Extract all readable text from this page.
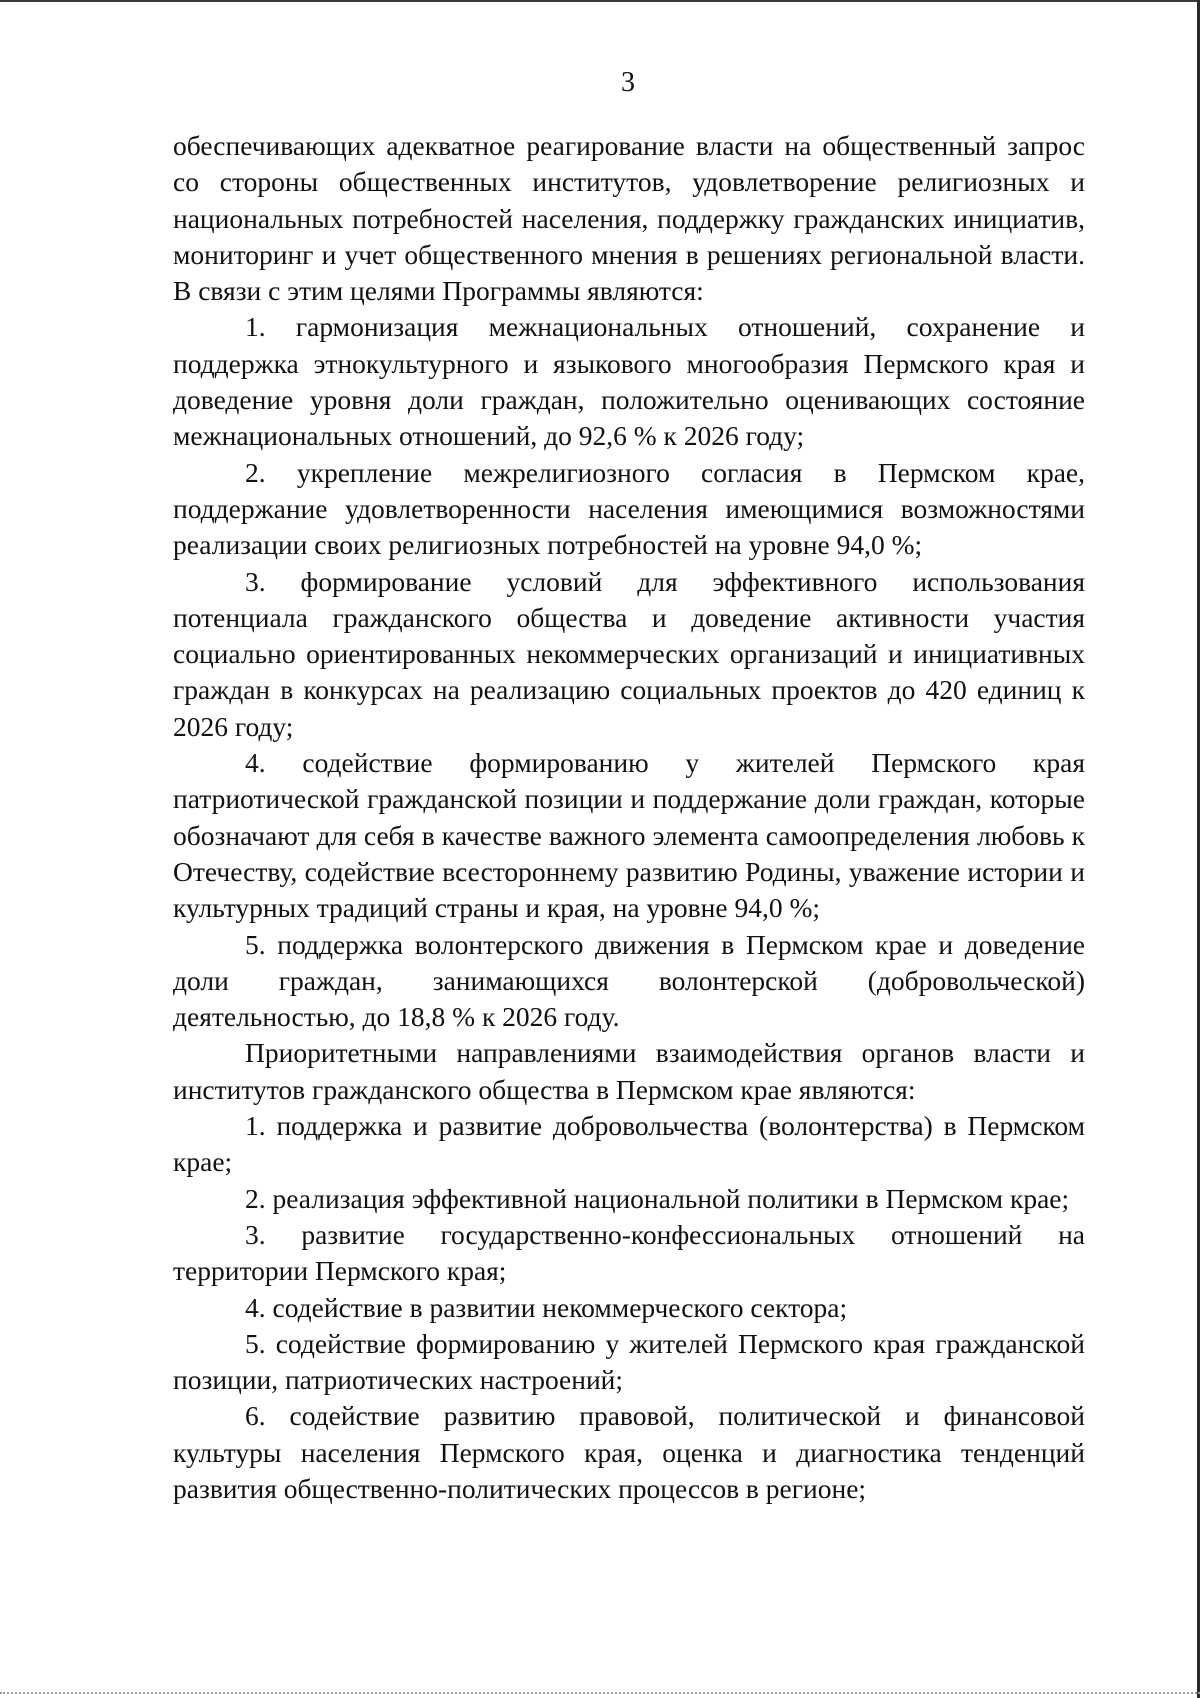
3

обеспечивающих адекватное реагирование власти на общественный запрос со стороны общественных институтов, удовлетворение религиозных и национальных потребностей населения, поддержку гражданских инициатив, мониторинг и учет общественного мнения в решениях региональной власти. В связи с этим целями Программы являются:

1. гармонизация межнациональных отношений, сохранение и поддержка этнокультурного и языкового многообразия Пермского края и доведение уровня доли граждан, положительно оценивающих состояние межнациональных отношений, до 92,6 % к 2026 году;

2. укрепление межрелигиозного согласия в Пермском крае, поддержание удовлетворенности населения имеющимися возможностями реализации своих религиозных потребностей на уровне 94,0 %;

3. формирование условий для эффективного использования потенциала гражданского общества и доведение активности участия социально ориентированных некоммерческих организаций и инициативных граждан в конкурсах на реализацию социальных проектов до 420 единиц к 2026 году;

4. содействие формированию у жителей Пермского края патриотической гражданской позиции и поддержание доли граждан, которые обозначают для себя в качестве важного элемента самоопределения любовь к Отечеству, содействие всестороннему развитию Родины, уважение истории и культурных традиций страны и края, на уровне 94,0 %;

5. поддержка волонтерского движения в Пермском крае и доведение доли граждан, занимающихся волонтерской (добровольческой) деятельностью, до 18,8 % к 2026 году.

Приоритетными направлениями взаимодействия органов власти и институтов гражданского общества в Пермском крае являются:

1. поддержка и развитие добровольчества (волонтерства) в Пермском крае;

2. реализация эффективной национальной политики в Пермском крае;

3. развитие государственно-конфессиональных отношений на территории Пермского края;

4. содействие в развитии некоммерческого сектора;

5. содействие формированию у жителей Пермского края гражданской позиции, патриотических настроений;

6. содействие развитию правовой, политической и финансовой культуры населения Пермского края, оценка и диагностика тенденций развития общественно-политических процессов в регионе;
